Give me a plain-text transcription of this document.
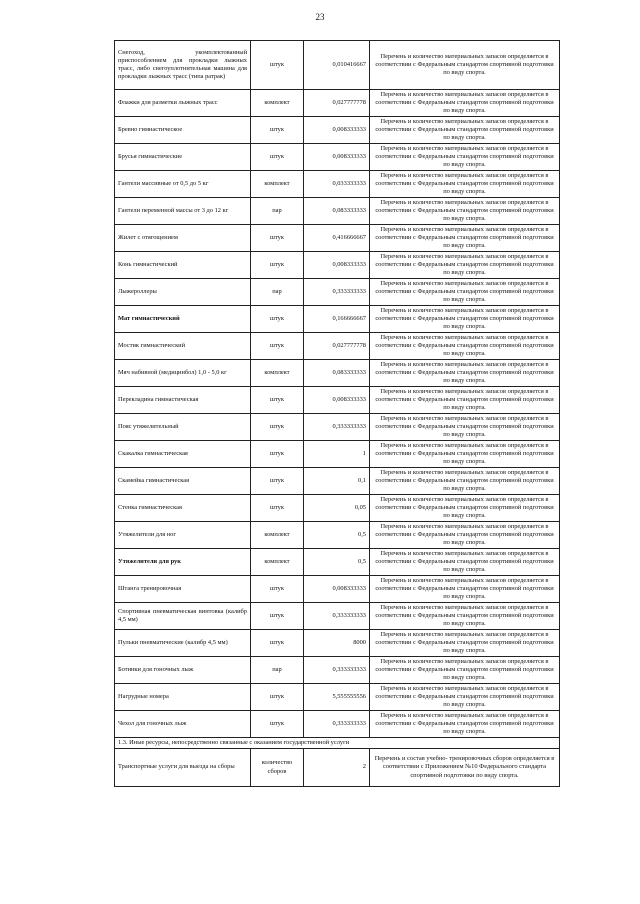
23
Снегоход, укомплектованный приспособлением для прокладки лыжных трасс, либо снегоуплотнительная машина для прокладки лыжных трасс (типа ратрак)	штук	0,010416667	Перечень и количество материальных запасов определяется в соответствии с Федеральным стандартом спортивной подготовки по виду спорта.
Флажки для разметки лыжных трасс	комплект	0,027777778	Перечень и количество материальных запасов определяется в соответствии с Федеральным стандартом спортивной подготовки по виду спорта.
Бревно гимнастическое	штук	0,008333333	Перечень и количество материальных запасов определяется в соответствии с Федеральным стандартом спортивной подготовки по виду спорта.
Брусья гимнастические	штук	0,008333333	Перечень и количество материальных запасов определяется в соответствии с Федеральным стандартом спортивной подготовки по виду спорта.
Гантели массивные от 0,5 до 5 кг	комплект	0,033333333	Перечень и количество материальных запасов определяется в соответствии с Федеральным стандартом спортивной подготовки по виду спорта.
Гантели переменной массы от 3 до 12 кг	пар	0,083333333	Перечень и количество материальных запасов определяется в соответствии с Федеральным стандартом спортивной подготовки по виду спорта.
Жилет с отягощением	штук	0,416666667	Перечень и количество материальных запасов определяется в соответствии с Федеральным стандартом спортивной подготовки по виду спорта.
Конь гимнастический	штук	0,008333333	Перечень и количество материальных запасов определяется в соответствии с Федеральным стандартом спортивной подготовки по виду спорта.
Лыжероллеры	пар	0,333333333	Перечень и количество материальных запасов определяется в соответствии с Федеральным стандартом спортивной подготовки по виду спорта.
Мат гимнастический	штук	0,166666667	Перечень и количество материальных запасов определяется в соответствии с Федеральным стандартом спортивной подготовки по виду спорта.
Мостик гимнастический	штук	0,027777778	Перечень и количество материальных запасов определяется в соответствии с Федеральным стандартом спортивной подготовки по виду спорта.
Мяч набивной (медицинбол) 1,0 - 5,0 кг	комплект	0,083333333	Перечень и количество материальных запасов определяется в соответствии с Федеральным стандартом спортивной подготовки по виду спорта.
Перекладина гимнастическая	штук	0,008333333	Перечень и количество материальных запасов определяется в соответствии с Федеральным стандартом спортивной подготовки по виду спорта.
Пояс утяжелительный	штук	0,333333333	Перечень и количество материальных запасов определяется в соответствии с Федеральным стандартом спортивной подготовки по виду спорта.
Скакалка гимнастическая	штук	1	Перечень и количество материальных запасов определяется в соответствии с Федеральным стандартом спортивной подготовки по виду спорта.
Скамейка гимнастическая	штук	0,1	Перечень и количество материальных запасов определяется в соответствии с Федеральным стандартом спортивной подготовки по виду спорта.
Стенка гимнастическая	штук	0,05	Перечень и количество материальных запасов определяется в соответствии с Федеральным стандартом спортивной подготовки по виду спорта.
Утяжелители для ног	комплект	0,5	Перечень и количество материальных запасов определяется в соответствии с Федеральным стандартом спортивной подготовки по виду спорта.
Утяжелители для рук	комплект	0,5	Перечень и количество материальных запасов определяется в соответствии с Федеральным стандартом спортивной подготовки по виду спорта.
Штанга тренировочная	штук	0,008333333	Перечень и количество материальных запасов определяется в соответствии с Федеральным стандартом спортивной подготовки по виду спорта.
Спортивная пневматическая винтовка (калибр 4,5 мм)	штук	0,333333333	Перечень и количество материальных запасов определяется в соответствии с Федеральным стандартом спортивной подготовки по виду спорта.
Пульки пневматические (калибр 4,5 мм)	штук	8000	Перечень и количество материальных запасов определяется в соответствии с Федеральным стандартом спортивной подготовки по виду спорта.
Ботинки для гоночных лыж	пар	0,333333333	Перечень и количество материальных запасов определяется в соответствии с Федеральным стандартом спортивной подготовки по виду спорта.
Нагрудные номера	штук	5,555555556	Перечень и количество материальных запасов определяется в соответствии с Федеральным стандартом спортивной подготовки по виду спорта.
Чехол для гоночных лыж	штук	0,333333333	Перечень и количество материальных запасов определяется в соответствии с Федеральным стандартом спортивной подготовки по виду спорта.
1.3. Иные ресурсы, непосредственно связанные с оказанием государственной услуги			
Транспортные услуги для выезда на сборы	количество сборов	2	Перечень и состав учебно- тренировочных сборов определяется в соответствии с Приложением №10 Федерального стандарта спортивной подготовки по виду спорта.
